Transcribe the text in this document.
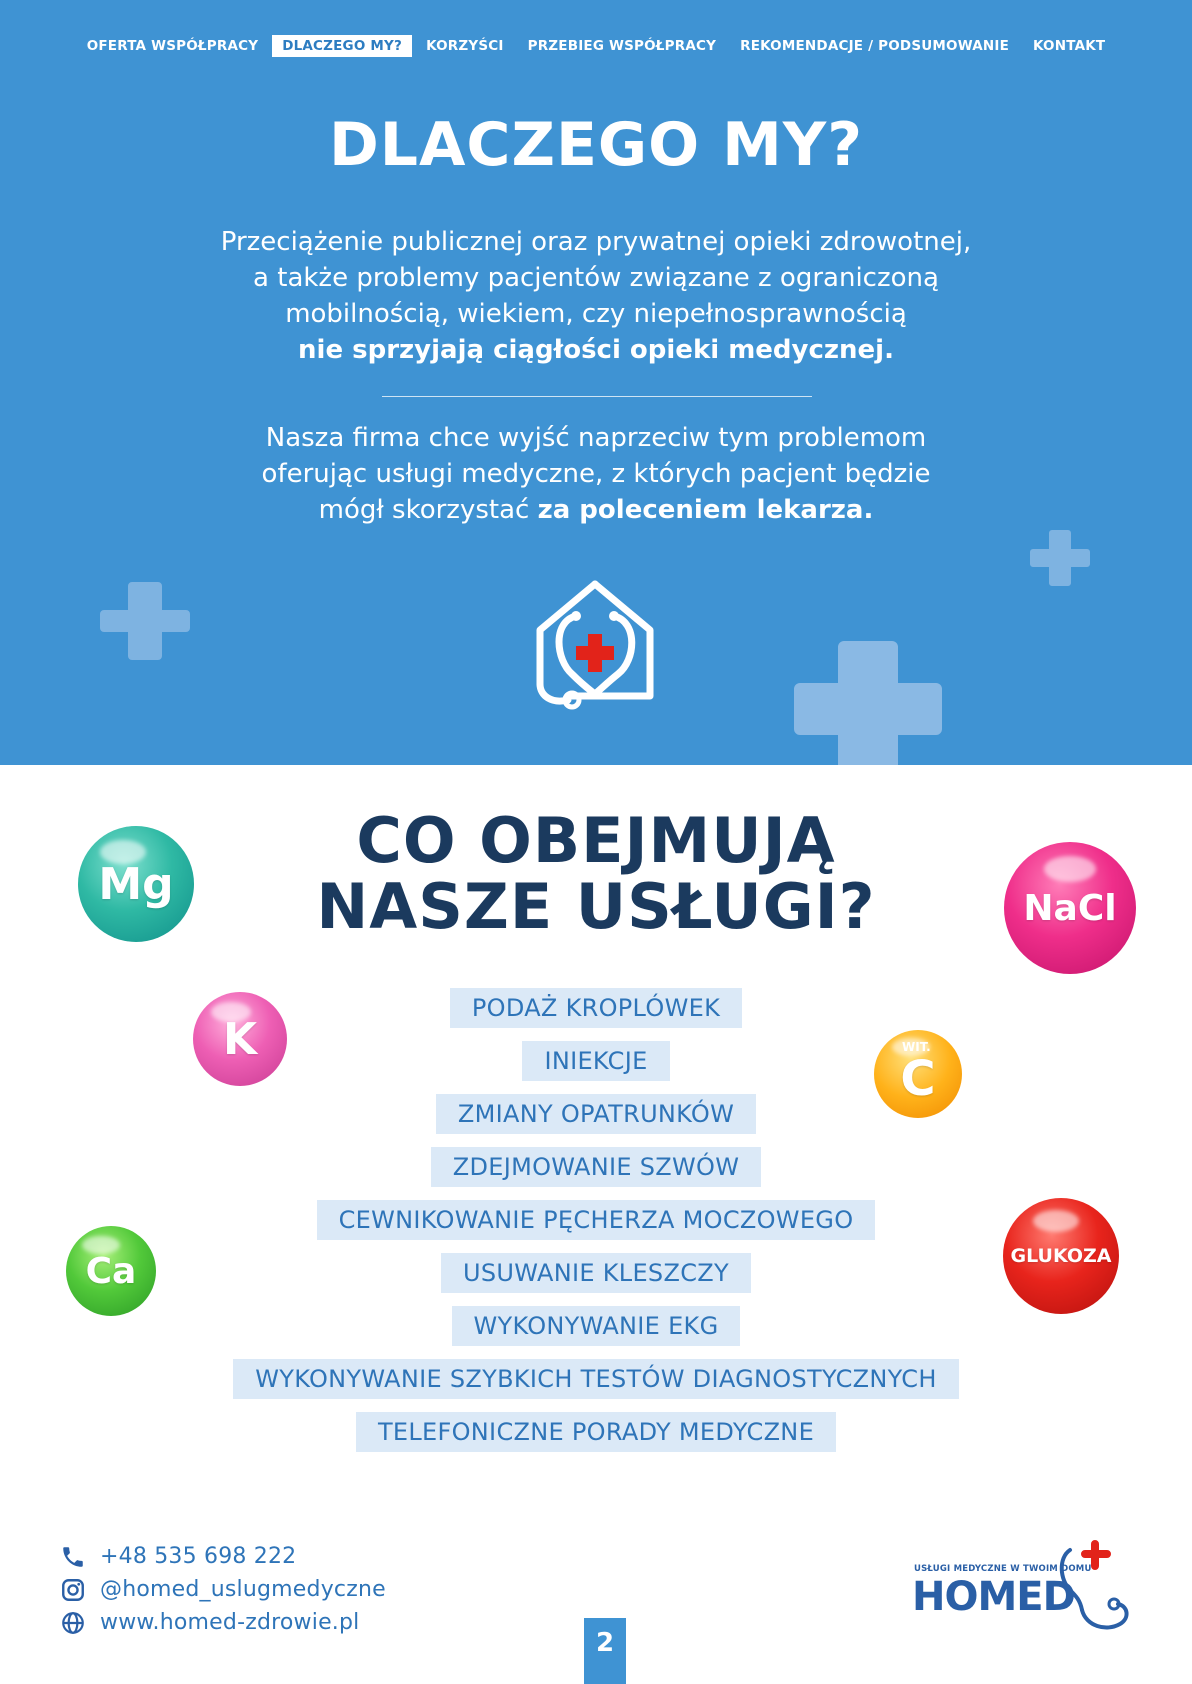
OFERTA WSPÓŁPRACY	DLACZEGO MY?	KORZYŚCI	PRZEBIEG WSPÓŁPRACY	REKOMENDACJE / PODSUMOWANIE	KONTAKT
DLACZEGO MY?

Przeciążenie publicznej oraz prywatnej opieki zdrowotnej,
a także problemy pacjentów związane z ograniczoną
mobilnością, wiekiem, czy niepełnosprawnością
nie sprzyjają ciągłości opieki medycznej.

Nasza firma chce wyjść naprzeciw tym problemom
oferując usługi medyczne, z których pacjent będzie
mógł skorzystać za poleceniem lekarza.

CO OBEJMUJĄ
NASZE USŁUGI?
PODAŻ KROPLÓWEK
INIEKCJE
ZMIANY OPATRUNKÓW
ZDEJMOWANIE SZWÓW
CEWNIKOWANIE PĘCHERZA MOCZOWEGO
USUWANIE KLESZCZY
WYKONYWANIE EKG
WYKONYWANIE SZYBKICH TESTÓW DIAGNOSTYCZNYCH
TELEFONICZNE PORADY MEDYCZNE
Mg	NaCl
K
C
WIT.
Ca	GLUKOZA
+48 535 698 222
@homed_uslugmedyczne
www.homed-zdrowie.pl
2
USŁUGI MEDYCZNE W TWOIM DOMU
HOMED
